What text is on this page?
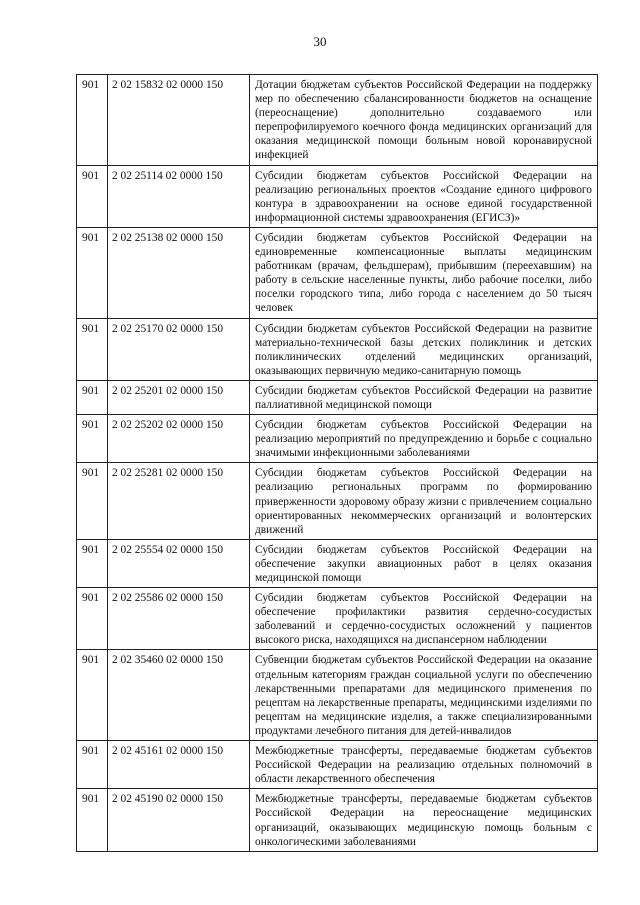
30
901	2 02 15832 02 0000 150	Дотации бюджетам субъектов Российской Федерации на поддержку мер по обеспечению сбалансированности бюджетов на оснащение (переоснащение) дополнительно создаваемого или перепрофилируемого коечного фонда медицинских организаций для оказания медицинской помощи больным новой коронавирусной инфекцией
901	2 02 25114 02 0000 150	Субсидии бюджетам субъектов Российской Федерации на реализацию региональных проектов «Создание единого цифрового контура в здравоохранении на основе единой государственной информационной системы здравоохранения (ЕГИСЗ)»
901	2 02 25138 02 0000 150	Субсидии бюджетам субъектов Российской Федерации на единовременные компенсационные выплаты медицинским работникам (врачам, фельдшерам), прибывшим (переехавшим) на работу в сельские населенные пункты, либо рабочие поселки, либо поселки городского типа, либо города с населением до 50 тысяч человек
901	2 02 25170 02 0000 150	Субсидии бюджетам субъектов Российской Федерации на развитие материально-технической базы детских поликлиник и детских поликлинических отделений медицинских организаций, оказывающих первичную медико-санитарную помощь
901	2 02 25201 02 0000 150	Субсидии бюджетам субъектов Российской Федерации на развитие паллиативной медицинской помощи
901	2 02 25202 02 0000 150	Субсидии бюджетам субъектов Российской Федерации на реализацию мероприятий по предупреждению и борьбе с социально значимыми инфекционными заболеваниями
901	2 02 25281 02 0000 150	Субсидии бюджетам субъектов Российской Федерации на реализацию региональных программ по формированию приверженности здоровому образу жизни с привлечением социально ориентированных некоммерческих организаций и волонтерских движений
901	2 02 25554 02 0000 150	Субсидии бюджетам субъектов Российской Федерации на обеспечение закупки авиационных работ в целях оказания медицинской помощи
901	2 02 25586 02 0000 150	Субсидии бюджетам субъектов Российской Федерации на обеспечение профилактики развития сердечно-сосудистых заболеваний и сердечно-сосудистых осложнений у пациентов высокого риска, находящихся на диспансерном наблюдении
901	2 02 35460 02 0000 150	Субвенции бюджетам субъектов Российской Федерации на оказание отдельным категориям граждан социальной услуги по обеспечению лекарственными препаратами для медицинского применения по рецептам на лекарственные препараты, медицинскими изделиями по рецептам на медицинские изделия, а также специализированными продуктами лечебного питания для детей-инвалидов
901	2 02 45161 02 0000 150	Межбюджетные трансферты, передаваемые бюджетам субъектов Российской Федерации на реализацию отдельных полномочий в области лекарственного обеспечения
901	2 02 45190 02 0000 150	Межбюджетные трансферты, передаваемые бюджетам субъектов Российской Федерации на переоснащение медицинских организаций, оказывающих медицинскую помощь больным с онкологическими заболеваниями
